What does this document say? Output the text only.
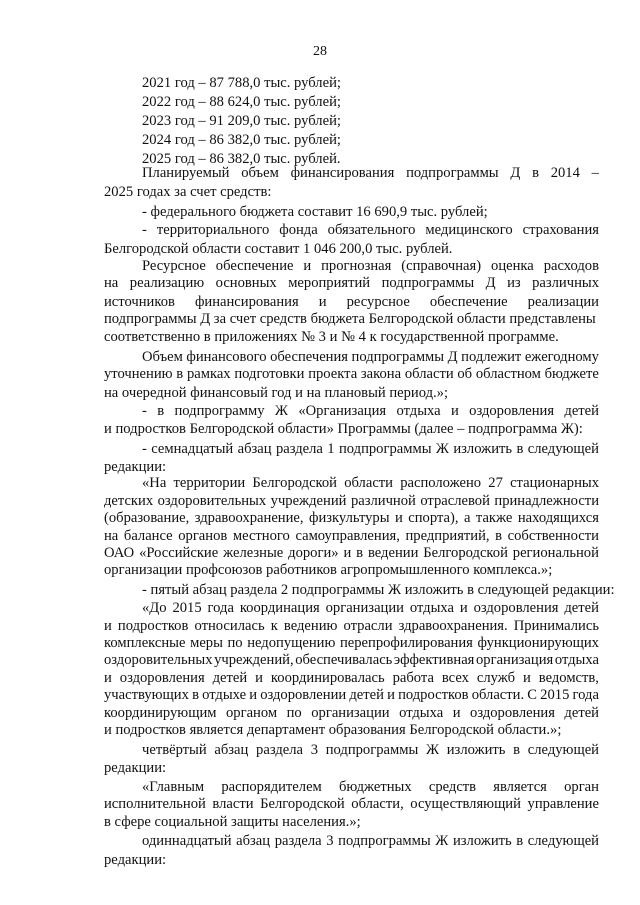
28
2021 год – 87 788,0 тыс. рублей;
2022 год – 88 624,0 тыс. рублей;
2023 год – 91 209,0 тыс. рублей;
2024 год – 86 382,0 тыс. рублей;
2025 год – 86 382,0 тыс. рублей.
Планируемый объем финансирования подпрограммы Д в 2014 –
2025 годах за счет средств:
- федерального бюджета составит 16 690,9 тыс. рублей;
- территориального фонда обязательного медицинского страхования
Белгородской области составит 1 046 200,0 тыс. рублей.
Ресурсное обеспечение и прогнозная (справочная) оценка расходов
на реализацию основных мероприятий подпрограммы Д из различных
источников финансирования и ресурсное обеспечение реализации
подпрограммы Д за счет средств бюджета Белгородской области представлены
соответственно в приложениях № 3 и № 4 к государственной программе.
Объем финансового обеспечения подпрограммы Д подлежит ежегодному
уточнению в рамках подготовки проекта закона области об областном бюджете
на очередной финансовый год и на плановый период.»;
- в подпрограмму Ж «Организация отдыха и оздоровления детей
и подростков Белгородской области» Программы (далее – подпрограмма Ж):
- семнадцатый абзац раздела 1 подпрограммы Ж изложить в следующей
редакции:
«На территории Белгородской области расположено 27 стационарных
детских оздоровительных учреждений различной отраслевой принадлежности
(образование, здравоохранение, физкультуры и спорта), а также находящихся
на балансе органов местного самоуправления, предприятий, в собственности
ОАО «Российские железные дороги» и в ведении Белгородской региональной
организации профсоюзов работников агропромышленного комплекса.»;
- пятый абзац раздела 2 подпрограммы Ж изложить в следующей редакции:
«До 2015 года координация организации отдыха и оздоровления детей
и подростков относилась к ведению отрасли здравоохранения. Принимались
комплексные меры по недопущению перепрофилирования функционирующих
оздоровительных учреждений, обеспечивалась эффективная организация отдыха
и оздоровления детей и координировалась работа всех служб и ведомств,
участвующих в отдыхе и оздоровлении детей и подростков области. С 2015 года
координирующим органом по организации отдыха и оздоровления детей
и подростков является департамент образования Белгородской области.»;
четвёртый абзац раздела 3 подпрограммы Ж изложить в следующей
редакции:
«Главным распорядителем бюджетных средств является орган
исполнительной власти Белгородской области, осуществляющий управление
в сфере социальной защиты населения.»;
одиннадцатый абзац раздела 3 подпрограммы Ж изложить в следующей
редакции:
